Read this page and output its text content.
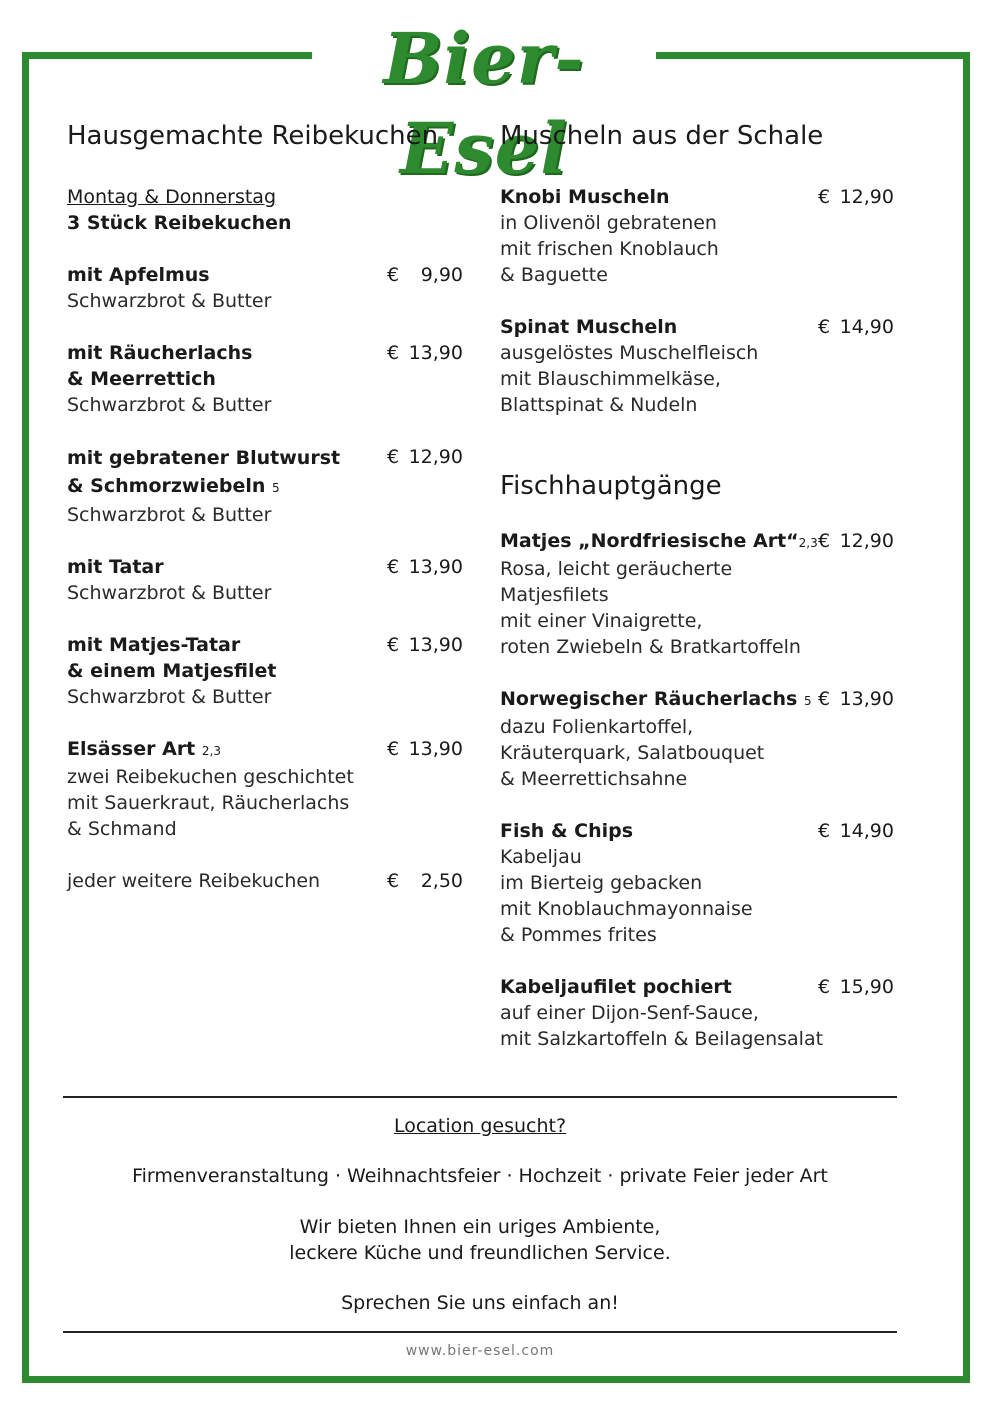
Bier-Esel
Hausgemachte Reibekuchen
Montag & Donnerstag
3 Stück Reibekuchen
mit Apfelmus
Schwarzbrot & Butter
€ 9,90
mit Räucherlachs
& Meerrettich
Schwarzbrot & Butter
€ 13,90
mit gebratener Blutwurst
& Schmorzwiebeln 5
Schwarzbrot & Butter
€ 12,90
mit Tatar
Schwarzbrot & Butter
€ 13,90
mit Matjes-Tatar
& einem Matjesfilet
Schwarzbrot & Butter
€ 13,90
Elsässer Art 2,3
zwei Reibekuchen geschichtet
mit Sauerkraut, Räucherlachs
& Schmand
€ 13,90
jeder weitere Reibekuchen	€ 2,50
Muscheln aus der Schale
Knobi Muscheln
in Olivenöl gebratenen
mit frischen Knoblauch
& Baguette
€ 12,90
Spinat Muscheln
ausgelöstes Muschelfleisch
mit Blauschimmelkäse,
Blattspinat & Nudeln
€ 14,90
Fischhauptgänge
Matjes „Nordfriesische Art“2,3
Rosa, leicht geräucherte
Matjesfilets
mit einer Vinaigrette,
roten Zwiebeln & Bratkartoffeln
€ 12,90
Norwegischer Räucherlachs 5
dazu Folienkartoffel,
Kräuterquark, Salatbouquet
& Meerrettichsahne
€ 13,90
Fish & Chips
Kabeljau
im Bierteig gebacken
mit Knoblauchmayonnaise
& Pommes frites
€ 14,90
Kabeljaufilet pochiert
auf einer Dijon-Senf-Sauce,
mit Salzkartoffeln & Beilagensalat
€ 15,90
Location gesucht?
Firmenveranstaltung · Weihnachtsfeier · Hochzeit · private Feier jeder Art
Wir bieten Ihnen ein uriges Ambiente,
leckere Küche und freundlichen Service.
Sprechen Sie uns einfach an!
www.bier-esel.com
